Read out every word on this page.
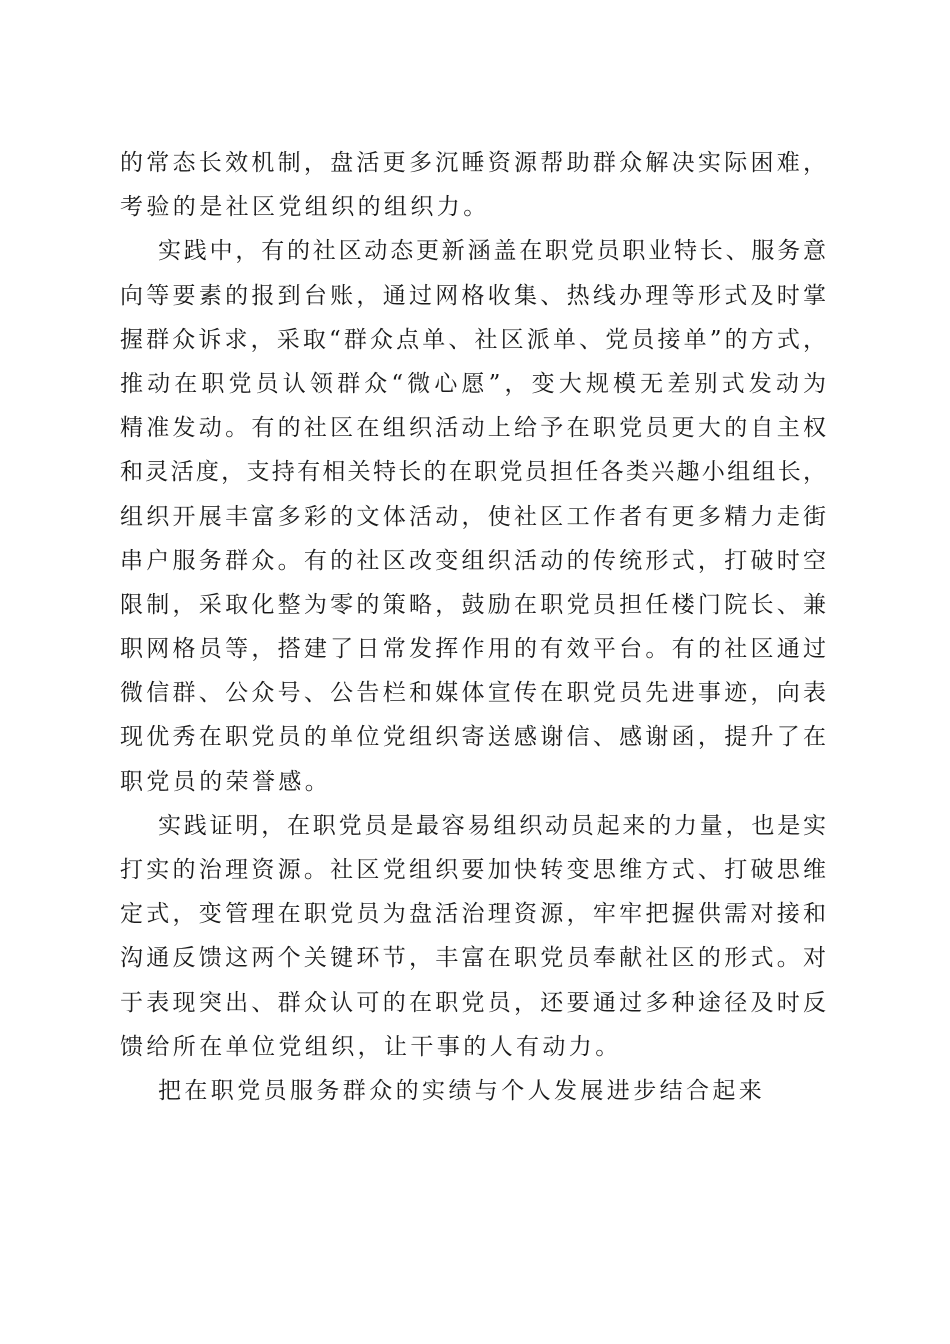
的常态长效机制，盘活更多沉睡资源帮助群众解决实际困难，
考验的是社区党组织的组织力。
实践中，有的社区动态更新涵盖在职党员职业特长、服务意
向等要素的报到台账，通过网格收集、热线办理等形式及时掌
握群众诉求，采取“群众点单、社区派单、党员接单”的方式，
推动在职党员认领群众“微心愿”，变大规模无差别式发动为
精准发动。有的社区在组织活动上给予在职党员更大的自主权
和灵活度，支持有相关特长的在职党员担任各类兴趣小组组长，
组织开展丰富多彩的文体活动，使社区工作者有更多精力走街
串户服务群众。有的社区改变组织活动的传统形式，打破时空
限制，采取化整为零的策略，鼓励在职党员担任楼门院长、兼
职网格员等，搭建了日常发挥作用的有效平台。有的社区通过
微信群、公众号、公告栏和媒体宣传在职党员先进事迹，向表
现优秀在职党员的单位党组织寄送感谢信、感谢函，提升了在
职党员的荣誉感。
实践证明，在职党员是最容易组织动员起来的力量，也是实
打实的治理资源。社区党组织要加快转变思维方式、打破思维
定式，变管理在职党员为盘活治理资源，牢牢把握供需对接和
沟通反馈这两个关键环节，丰富在职党员奉献社区的形式。对
于表现突出、群众认可的在职党员，还要通过多种途径及时反
馈给所在单位党组织，让干事的人有动力。
把在职党员服务群众的实绩与个人发展进步结合起来
